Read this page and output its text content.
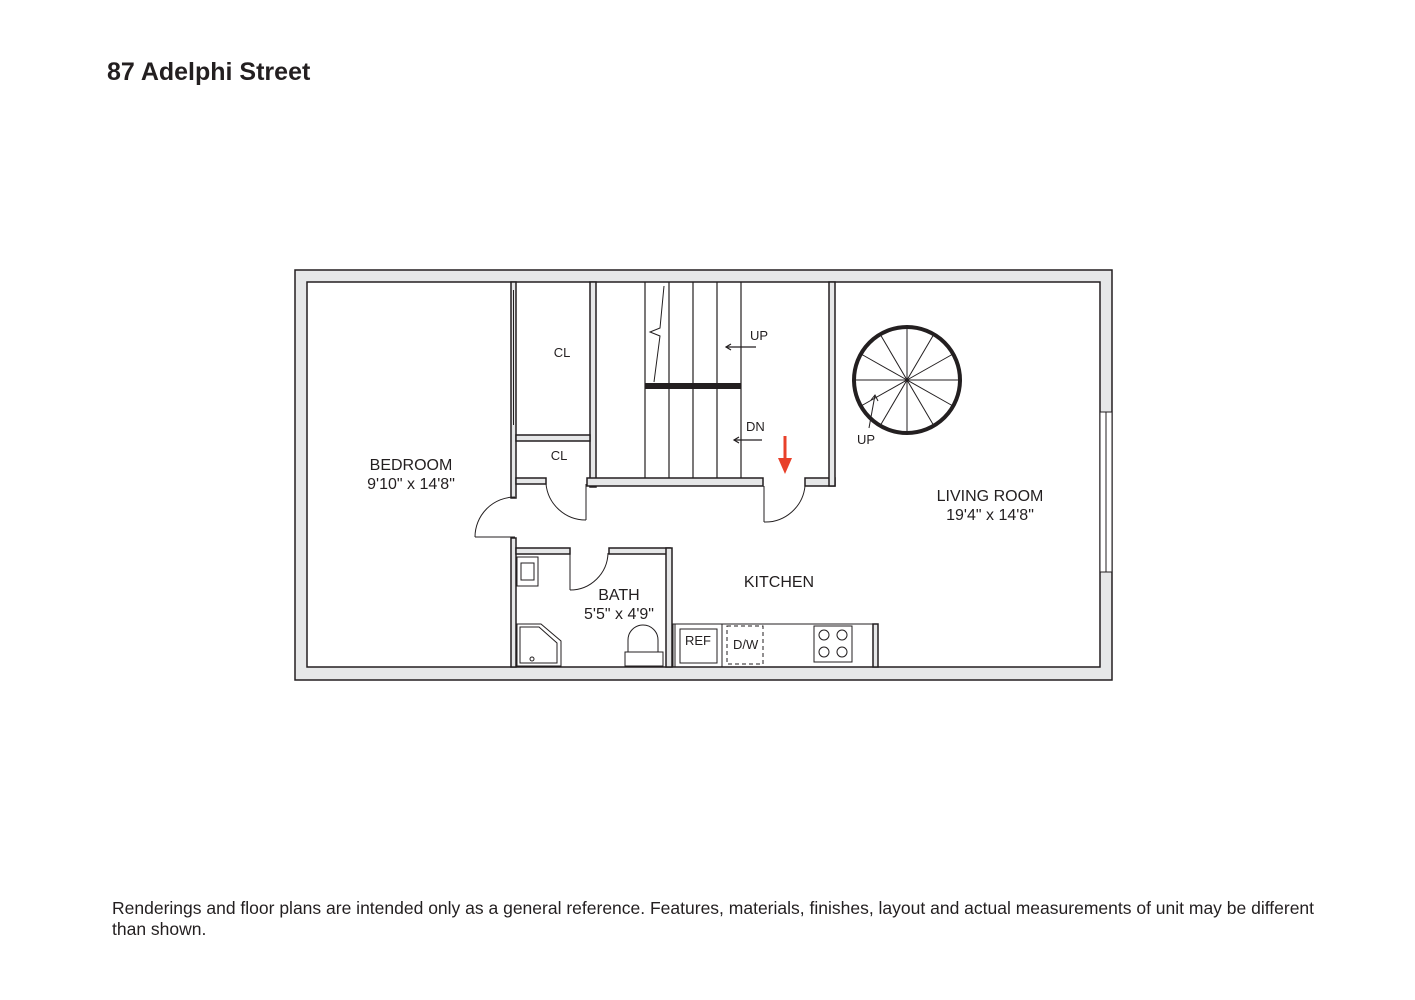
87 Adelphi Street
UP
DN
UP
REF D/W
BEDROOM
9'10" x 14'8"
LIVING ROOM
19'4" x 14'8"
BATH
5'5" x 4'9"
KITCHEN
CL
CL
Renderings and floor plans are intended only as a general reference. Features, materials, finishes, layout and actual measurements of unit may be different than shown.
